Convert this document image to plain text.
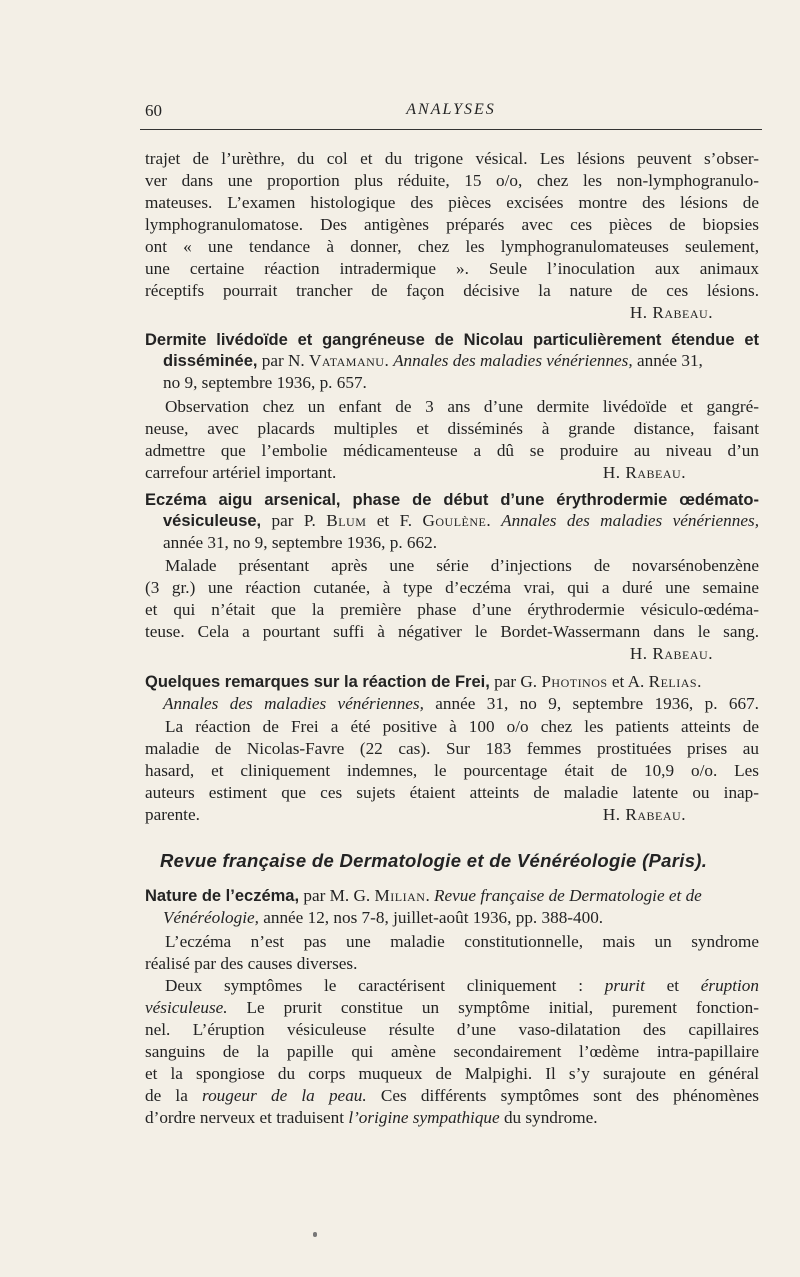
60	ANALYSES
trajet de l’urèthre, du col et du trigone vésical. Les lésions peuvent s’obser-
ver dans une proportion plus réduite, 15 o/o, chez les non-lymphogranulo-
mateuses. L’examen histologique des pièces excisées montre des lésions de
lymphogranulomatose. Des antigènes préparés avec ces pièces de biopsies
ont « une tendance à donner, chez les lymphogranulomateuses seulement,
une certaine réaction intradermique ». Seule l’inoculation aux animaux
réceptifs pourrait trancher de façon décisive la nature de ces lésions.
H. Rabeau.
Dermite livédoïde et gangréneuse de Nicolau particulièrement étendue et
disséminée, par N. Vatamanu. Annales des maladies vénériennes, année 31,
no 9, septembre 1936, p. 657.
Observation chez un enfant de 3 ans d’une dermite livédoïde et gangré-
neuse, avec placards multiples et disséminés à grande distance, faisant
admettre que l’embolie médicamenteuse a dû se produire au niveau d’un
carrefour artériel important.	H. Rabeau.
Eczéma aigu arsenical, phase de début d’une érythrodermie œdémato-
vésiculeuse, par P. Blum et F. Goulène. Annales des maladies vénériennes,
année 31, no 9, septembre 1936, p. 662.
Malade présentant après une série d’injections de novarsénobenzène
(3 gr.) une réaction cutanée, à type d’eczéma vrai, qui a duré une semaine
et qui n’était que la première phase d’une érythrodermie vésiculo-œdéma-
teuse. Cela a pourtant suffi à négativer le Bordet-Wassermann dans le sang.
H. Rabeau.
Quelques remarques sur la réaction de Frei, par G. Photinos et A. Relias.
Annales des maladies vénériennes, année 31, no 9, septembre 1936, p. 667.
La réaction de Frei a été positive à 100 o/o chez les patients atteints de
maladie de Nicolas-Favre (22 cas). Sur 183 femmes prostituées prises au
hasard, et cliniquement indemnes, le pourcentage était de 10,9 o/o. Les
auteurs estiment que ces sujets étaient atteints de maladie latente ou inap-
parente.	H. Rabeau.
Revue française de Dermatologie et de Vénéréologie (Paris).
Nature de l’eczéma, par M. G. Milian. Revue française de Dermatologie et de
Vénéréologie, année 12, nos 7-8, juillet-août 1936, pp. 388-400.
L’eczéma n’est pas une maladie constitutionnelle, mais un syndrome
réalisé par des causes diverses.
Deux symptômes le caractérisent cliniquement : prurit et éruption
vésiculeuse. Le prurit constitue un symptôme initial, purement fonction-
nel. L’éruption vésiculeuse résulte d’une vaso-dilatation des capillaires
sanguins de la papille qui amène secondairement l’œdème intra-papillaire
et la spongiose du corps muqueux de Malpighi. Il s’y surajoute en général
de la rougeur de la peau. Ces différents symptômes sont des phénomènes
d’ordre nerveux et traduisent l’origine sympathique du syndrome.
